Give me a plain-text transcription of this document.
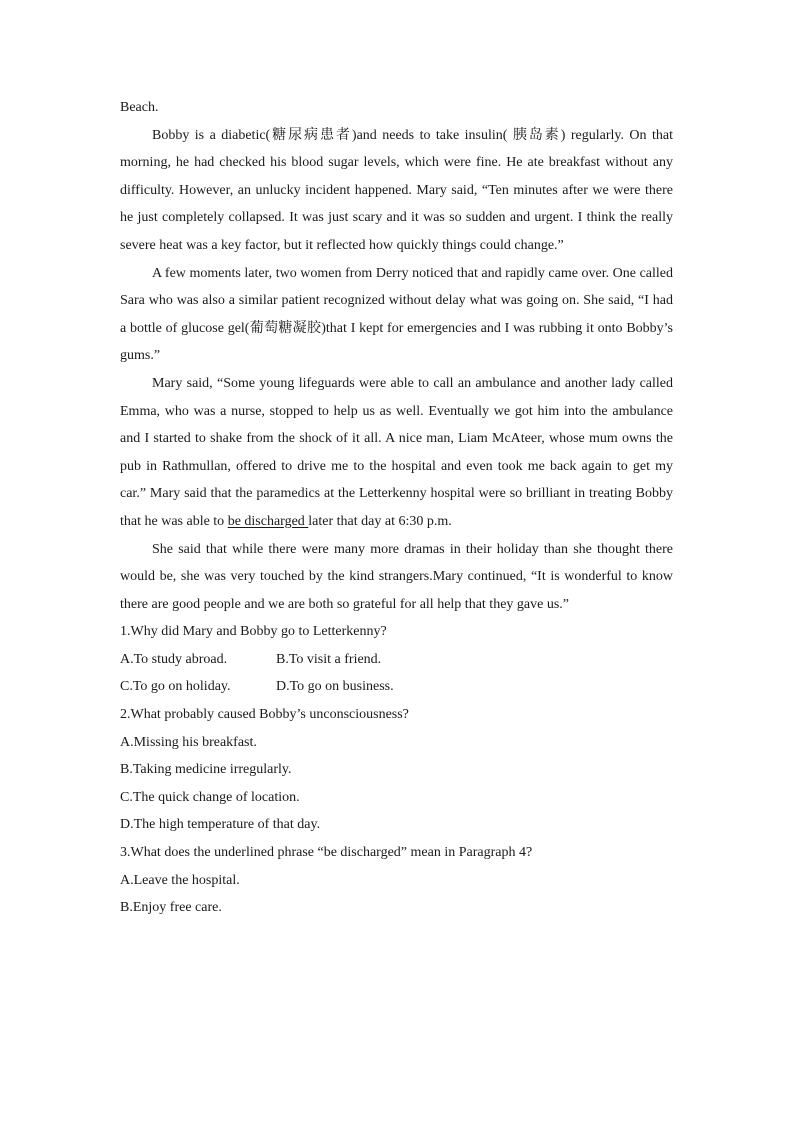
Beach.

Bobby is a diabetic(糖尿病患者)and needs to take insulin( 胰岛素) regularly. On that morning, he had checked his blood sugar levels, which were fine. He ate breakfast without any difficulty. However, an unlucky incident happened. Mary said, “Ten minutes after we were there he just completely collapsed. It was just scary and it was so sudden and urgent. I think the really severe heat was a key factor, but it reflected how quickly things could change.”

A few moments later, two women from Derry noticed that and rapidly came over. One called Sara who was also a similar patient recognized without delay what was going on. She said, “I had a bottle of glucose gel(葡萄糖凝胶)that I kept for emergencies and I was rubbing it onto Bobby’s gums.”

Mary said, “Some young lifeguards were able to call an ambulance and another lady called Emma, who was a nurse, stopped to help us as well. Eventually we got him into the ambulance and I started to shake from the shock of it all. A nice man, Liam McAteer, whose mum owns the pub in Rathmullan, offered to drive me to the hospital and even took me back again to get my car.” Mary said that the paramedics at the Letterkenny hospital were so brilliant in treating Bobby that he was able to be discharged later that day at 6:30 p.m.

She said that while there were many more dramas in their holiday than she thought there would be, she was very touched by the kind strangers.Mary continued, “It is wonderful to know there are good people and we are both so grateful for all help that they gave us.”

1.Why did Mary and Bobby go to Letterkenny?

A.To study abroad.	B.To visit a friend.
C.To go on holiday.	D.To go on business.

2.What probably caused Bobby’s unconsciousness?

A.Missing his breakfast.

B.Taking medicine irregularly.

C.The quick change of location.

D.The high temperature of that day.

3.What does the underlined phrase “be discharged” mean in Paragraph 4?

A.Leave the hospital.

B.Enjoy free care.
